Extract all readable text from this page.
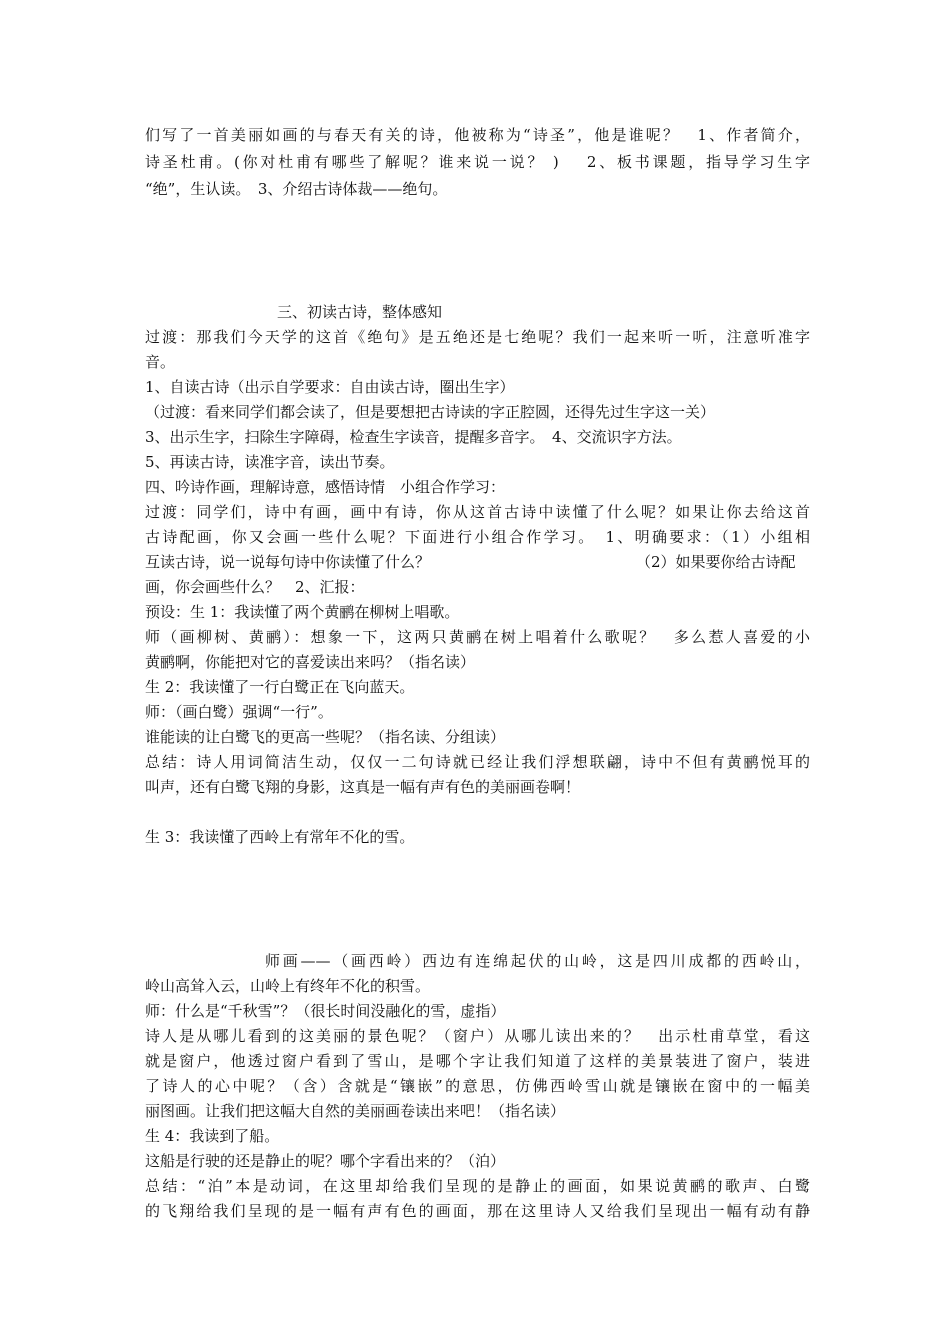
们写了一首美丽如画的与春天有关的诗，他被称为“诗圣”，他是谁呢？　1、作者简介，
诗圣杜甫。(你对杜甫有哪些了解呢？谁来说一说？ )　 2、板书课题，指导学习生字
“绝”，生认读。　3、介绍古诗体裁——绝句。
三、初读古诗，整体感知
过渡：那我们今天学的这首《绝句》是五绝还是七绝呢？我们一起来听一听，注意听准字
音。
1、自读古诗（出示自学要求：自由读古诗，圈出生字）
（过渡：看来同学们都会读了，但是要想把古诗读的字正腔圆，还得先过生字这一关）
3、出示生字，扫除生字障碍，检查生字读音，提醒多音字。　4、交流识字方法。
5、再读古诗，读准字音，读出节奏。
四、吟诗作画，理解诗意，感悟诗情　小组合作学习：
过渡：同学们，诗中有画，画中有诗，你从这首古诗中读懂了什么呢？如果让你去给这首
古诗配画，你又会画一些什么呢？下面进行小组合作学习。　1、明确要求：（1）小组相
互读古诗，说一说每句诗中你读懂了什么？	（2）如果要你给古诗配
画，你会画些什么？　2、汇报：
预设：生 1：我读懂了两个黄鹂在柳树上唱歌。
师（画柳树、黄鹂）：想象一下，这两只黄鹂在树上唱着什么歌呢？　多么惹人喜爱的小
黄鹂啊，你能把对它的喜爱读出来吗？（指名读）
生 2：我读懂了一行白鹭正在飞向蓝天。
师：（画白鹭）强调“一行”。
谁能读的让白鹭飞的更高一些呢？（指名读、分组读）
总结：诗人用词简洁生动，仅仅一二句诗就已经让我们浮想联翩，诗中不但有黄鹂悦耳的
叫声，还有白鹭飞翔的身影，这真是一幅有声有色的美丽画卷啊！
生 3：我读懂了西岭上有常年不化的雪。
师画——（画西岭）西边有连绵起伏的山岭，这是四川成都的西岭山，
岭山高耸入云，山岭上有终年不化的积雪。
师：什么是“千秋雪”？（很长时间没融化的雪，虚指）
诗人是从哪儿看到的这美丽的景色呢？（窗户）从哪儿读出来的？　出示杜甫草堂，看这
就是窗户，他透过窗户看到了雪山，是哪个字让我们知道了这样的美景装进了窗户，装进
了诗人的心中呢？（含）含就是“镶嵌”的意思，仿佛西岭雪山就是镶嵌在窗中的一幅美
丽图画。让我们把这幅大自然的美丽画卷读出来吧！（指名读）
生 4：我读到了船。
这船是行驶的还是静止的呢？哪个字看出来的？（泊）
总结：“泊”本是动词，在这里却给我们呈现的是静止的画面，如果说黄鹂的歌声、白鹭
的飞翔给我们呈现的是一幅有声有色的画面，那在这里诗人又给我们呈现出一幅有动有静
